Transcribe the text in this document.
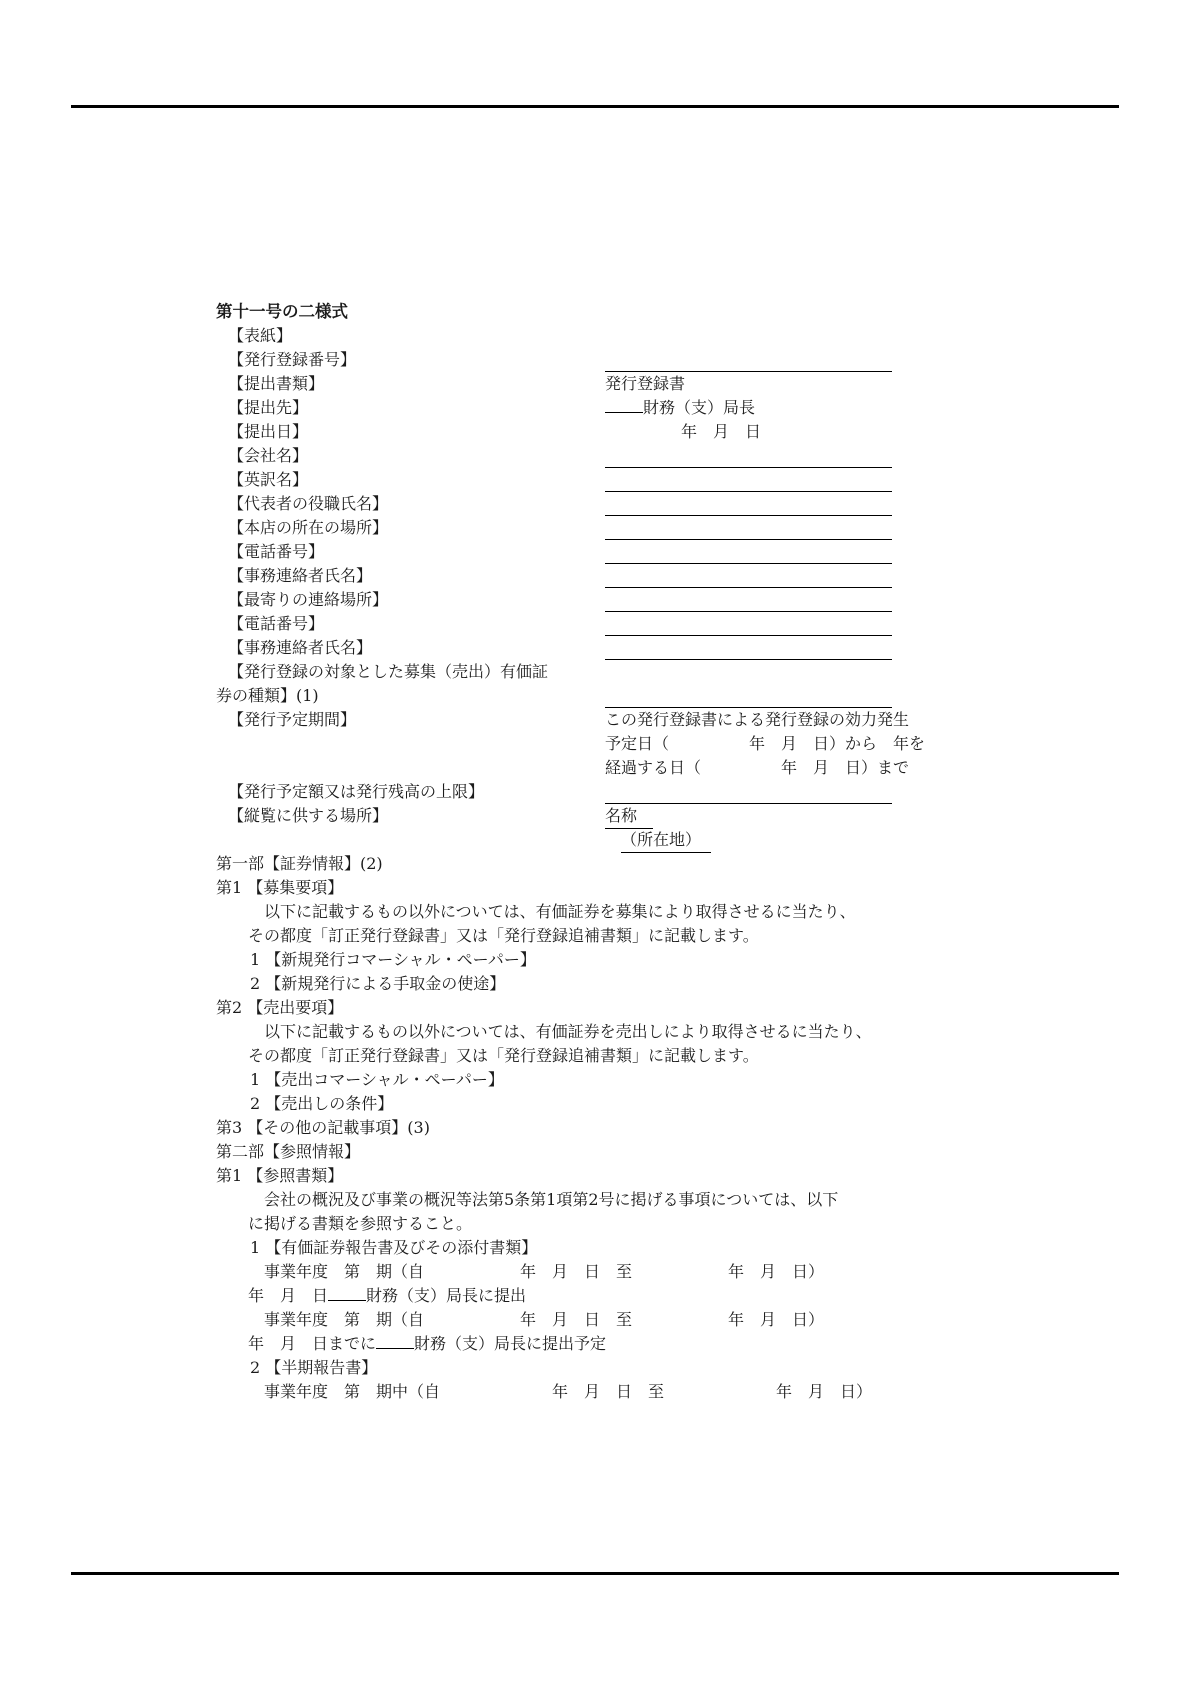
第十一号の二様式
【表紙】
【発行登録番号】
【提出書類】	発行登録書
【提出先】	財務（支）局長
【提出日】	年　月　日
【会社名】
【英訳名】
【代表者の役職氏名】
【本店の所在の場所】
【電話番号】
【事務連絡者氏名】
【最寄りの連絡場所】
【電話番号】
【事務連絡者氏名】
【発行登録の対象とした募集（売出）有価証
券の種類】(1)
【発行予定期間】	この発行登録書による発行登録の効力発生
予定日（　　　　　年　月　日）から　年を
経過する日（　　　　　年　月　日）まで
【発行予定額又は発行残高の上限】
【縦覧に供する場所】	名称
（所在地）
第一部【証券情報】(2)
第1 【募集要項】
以下に記載するもの以外については、有価証券を募集により取得させるに当たり、
その都度「訂正発行登録書」又は「発行登録追補書類」に記載します。
1 【新規発行コマーシャル・ペーパー】
2 【新規発行による手取金の使途】
第2 【売出要項】
以下に記載するもの以外については、有価証券を売出しにより取得させるに当たり、
その都度「訂正発行登録書」又は「発行登録追補書類」に記載します。
1 【売出コマーシャル・ペーパー】
2 【売出しの条件】
第3 【その他の記載事項】(3)
第二部【参照情報】
第1 【参照書類】
会社の概況及び事業の概況等法第5条第1項第2号に掲げる事項については、以下
に掲げる書類を参照すること。
1 【有価証券報告書及びその添付書類】
事業年度　第　期（自　　　　　　年　月　日　至　　　　　　年　月　日）
年　月　日 財務（支）局長に提出
事業年度　第　期（自　　　　　　年　月　日　至　　　　　　年　月　日）
年　月　日までに 財務（支）局長に提出予定
2 【半期報告書】
事業年度　第　期中（自　　　　　　　年　月　日　至　　　　　　　年　月　日）
